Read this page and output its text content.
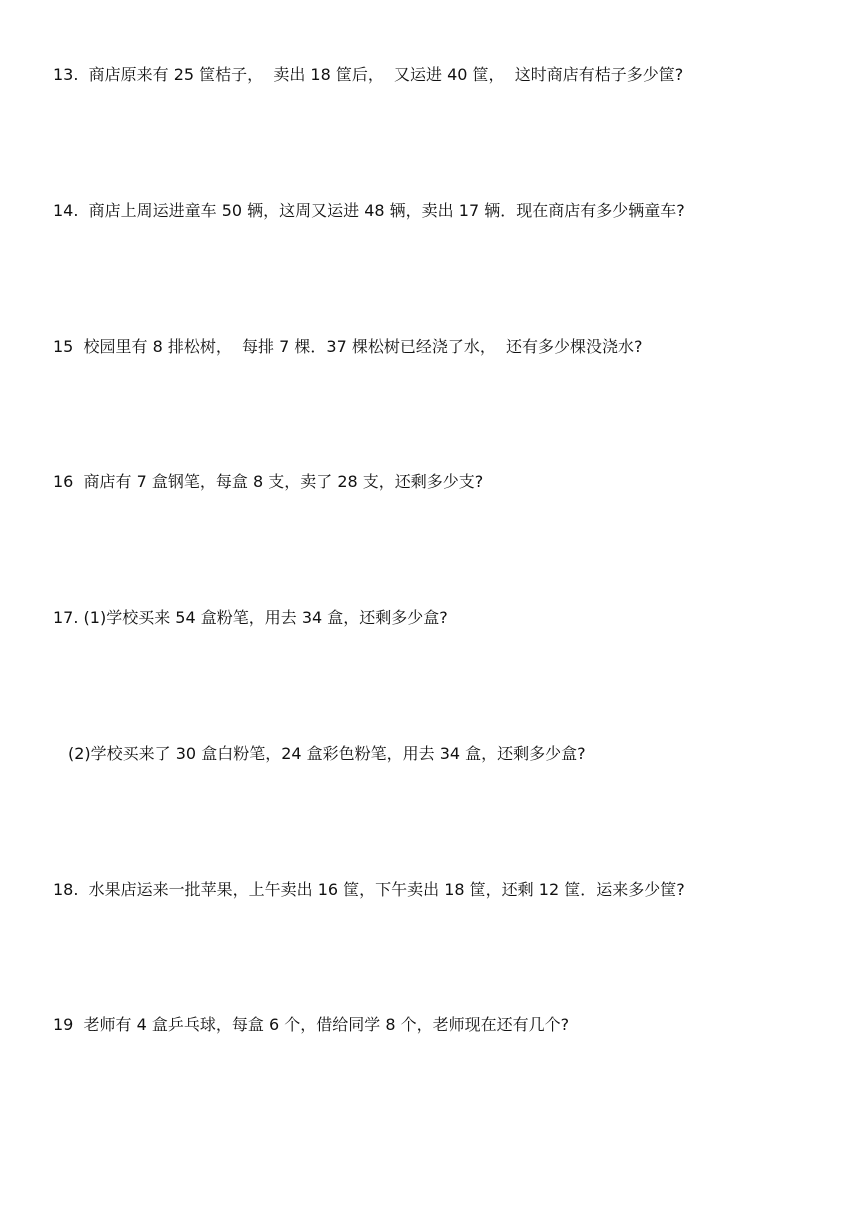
13.  商店原来有 25 筐桔子，  卖出 18 筐后，  又运进 40 筐，  这时商店有桔子多少筐?
14.  商店上周运进童车 50 辆，这周又运进 48 辆，卖出 17 辆．现在商店有多少辆童车?
15  校园里有 8 排松树，  每排 7 棵．37 棵松树已经浇了水，  还有多少棵没浇水?
16  商店有 7 盒钢笔，每盒 8 支，卖了 28 支，还剩多少支?
17. (1)学校买来 54 盒粉笔，用去 34 盒，还剩多少盒?
(2)学校买来了 30 盒白粉笔，24 盒彩色粉笔，用去 34 盒，还剩多少盒?
18.  水果店运来一批苹果，上午卖出 16 筐，下午卖出 18 筐，还剩 12 筐．运来多少筐?
19  老师有 4 盒乒乓球，每盒 6 个，借给同学 8 个，老师现在还有几个?
